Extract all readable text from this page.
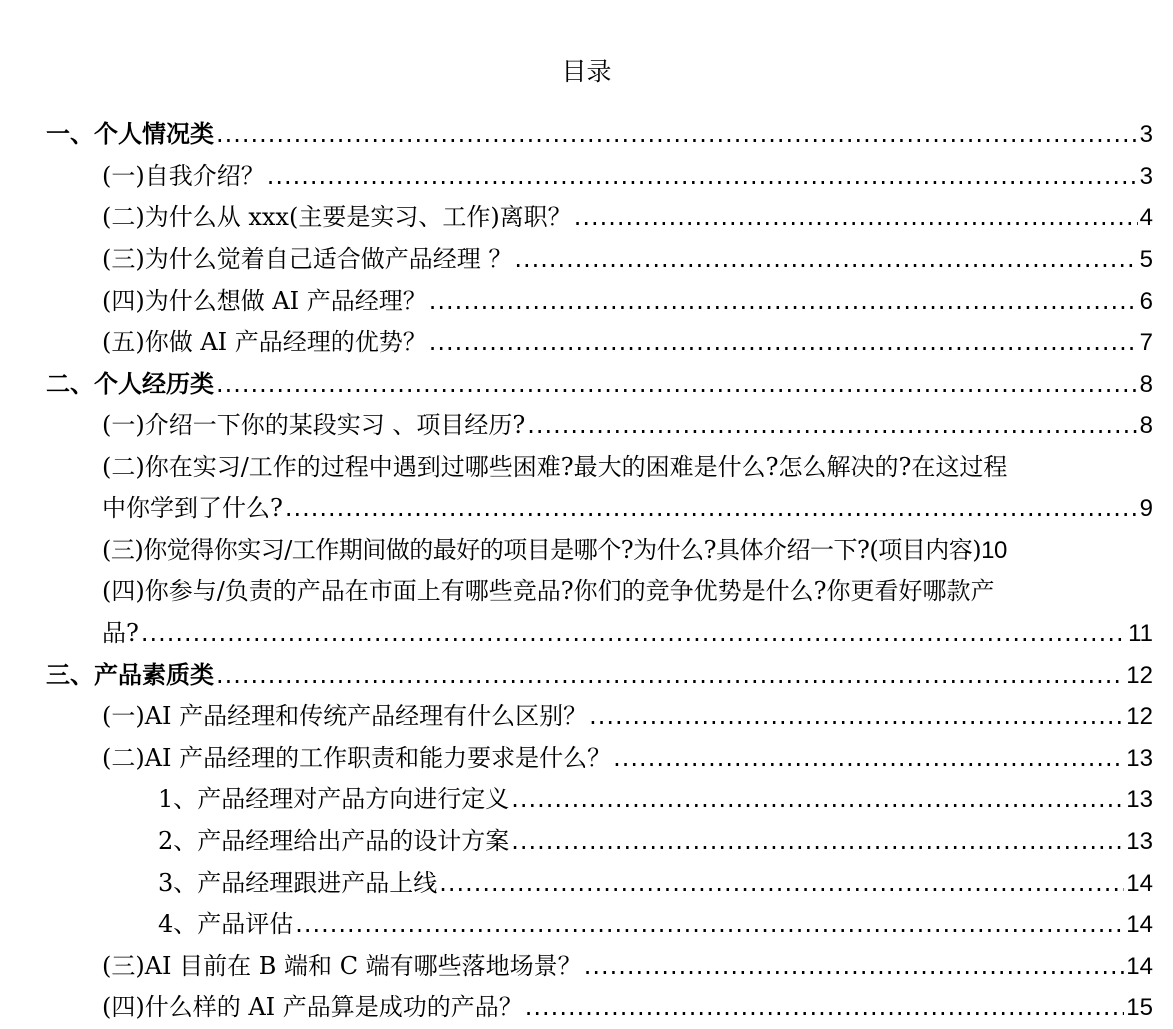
目录
一、个人情况类 .....	3
(一)自我介绍？ .....	3
(二)为什么从 xxx(主要是实习、工作)离职？ .....	4
(三)为什么觉着自己适合做产品经理 ？ .....	5
(四)为什么想做 AI 产品经理？ .....	6
(五)你做 AI 产品经理的优势？ .....	7
二、个人经历类 .....	8
(一)介绍一下你的某段实习 、项目经历? .....	8
(二)你在实习/工作的过程中遇到过哪些困难?最大的困难是什么?怎么解决的?在这过程
中你学到了什么? .....	9
(三)你觉得你实习/工作期间做的最好的项目是哪个?为什么?具体介绍一下?(项目内容) 10
(四)你参与/负责的产品在市面上有哪些竞品?你们的竞争优势是什么?你更看好哪款产
品? .....	11
三、产品素质类 .....	12
(一)AI 产品经理和传统产品经理有什么区别？ .....	12
(二)AI 产品经理的工作职责和能力要求是什么？ .....	13
1、产品经理对产品方向进行定义 .....	13
2、产品经理给出产品的设计方案 .....	13
3、产品经理跟进产品上线 .....	14
4、产品评估 .....	14
(三)AI 目前在 B 端和 C 端有哪些落地场景？ .....	14
(四)什么样的 AI 产品算是成功的产品？ .....	15
